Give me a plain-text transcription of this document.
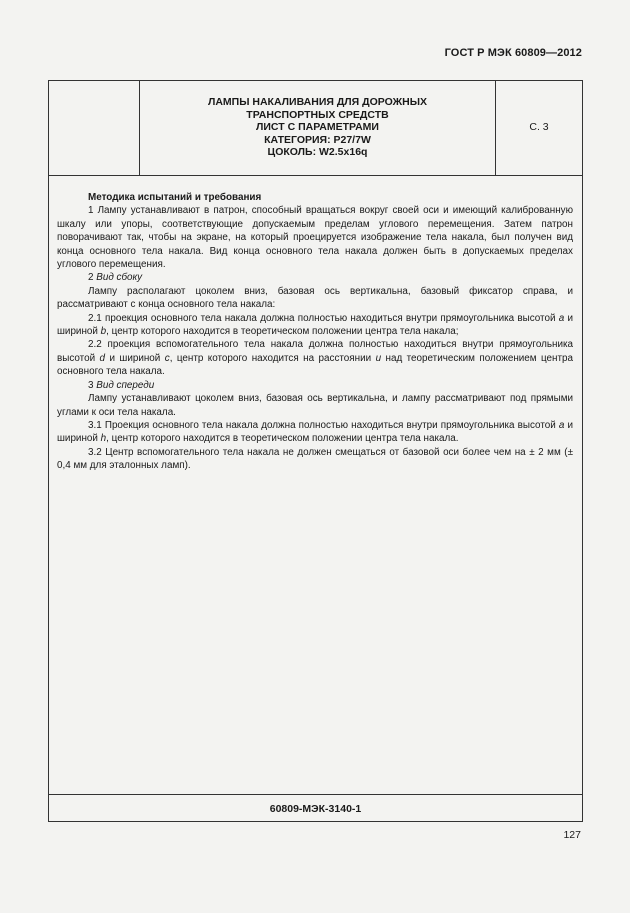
ГОСТ Р МЭК 60809—2012
ЛАМПЫ НАКАЛИВАНИЯ ДЛЯ ДОРОЖНЫХ
ТРАНСПОРТНЫХ СРЕДСТВ
ЛИСТ С ПАРАМЕТРАМИ
КАТЕГОРИЯ: P27/7W
ЦОКОЛЬ: W2.5x16q
С. 3

Методика испытаний и требования

1 Лампу устанавливают в патрон, способный вращаться вокруг своей оси и имеющий калиброванную шкалу или упоры, соответствующие допускаемым пределам углового перемещения. Затем патрон поворачивают так, чтобы на экране, на который проецируется изображение тела накала, был получен вид конца основного тела накала. Вид конца основного тела накала должен быть в допускаемых пределах углового перемещения.

2 Вид сбоку

Лампу располагают цоколем вниз, базовая ось вертикальна, базовый фиксатор справа, и рассматривают с конца основного тела накала:

2.1 проекция основного тела накала должна полностью находиться внутри прямоугольника высотой a и шириной b, центр которого находится в теоретическом положении центра тела накала;

2.2 проекция вспомогательного тела накала должна полностью находиться внутри прямоугольника высотой d и шириной c, центр которого находится на расстоянии u над теоретическим положением центра основного тела накала.

3 Вид спереди

Лампу устанавливают цоколем вниз, базовая ось вертикальна, и лампу рассматривают под прямыми углами к оси тела накала.

3.1 Проекция основного тела накала должна полностью находиться внутри прямоугольника высотой a и шириной h, центр которого находится в теоретическом положении центра тела накала.

3.2 Центр вспомогательного тела накала не должен смещаться от базовой оси более чем на ± 2 мм (± 0,4 мм для эталонных ламп).

60809-МЭК-3140-1
127
